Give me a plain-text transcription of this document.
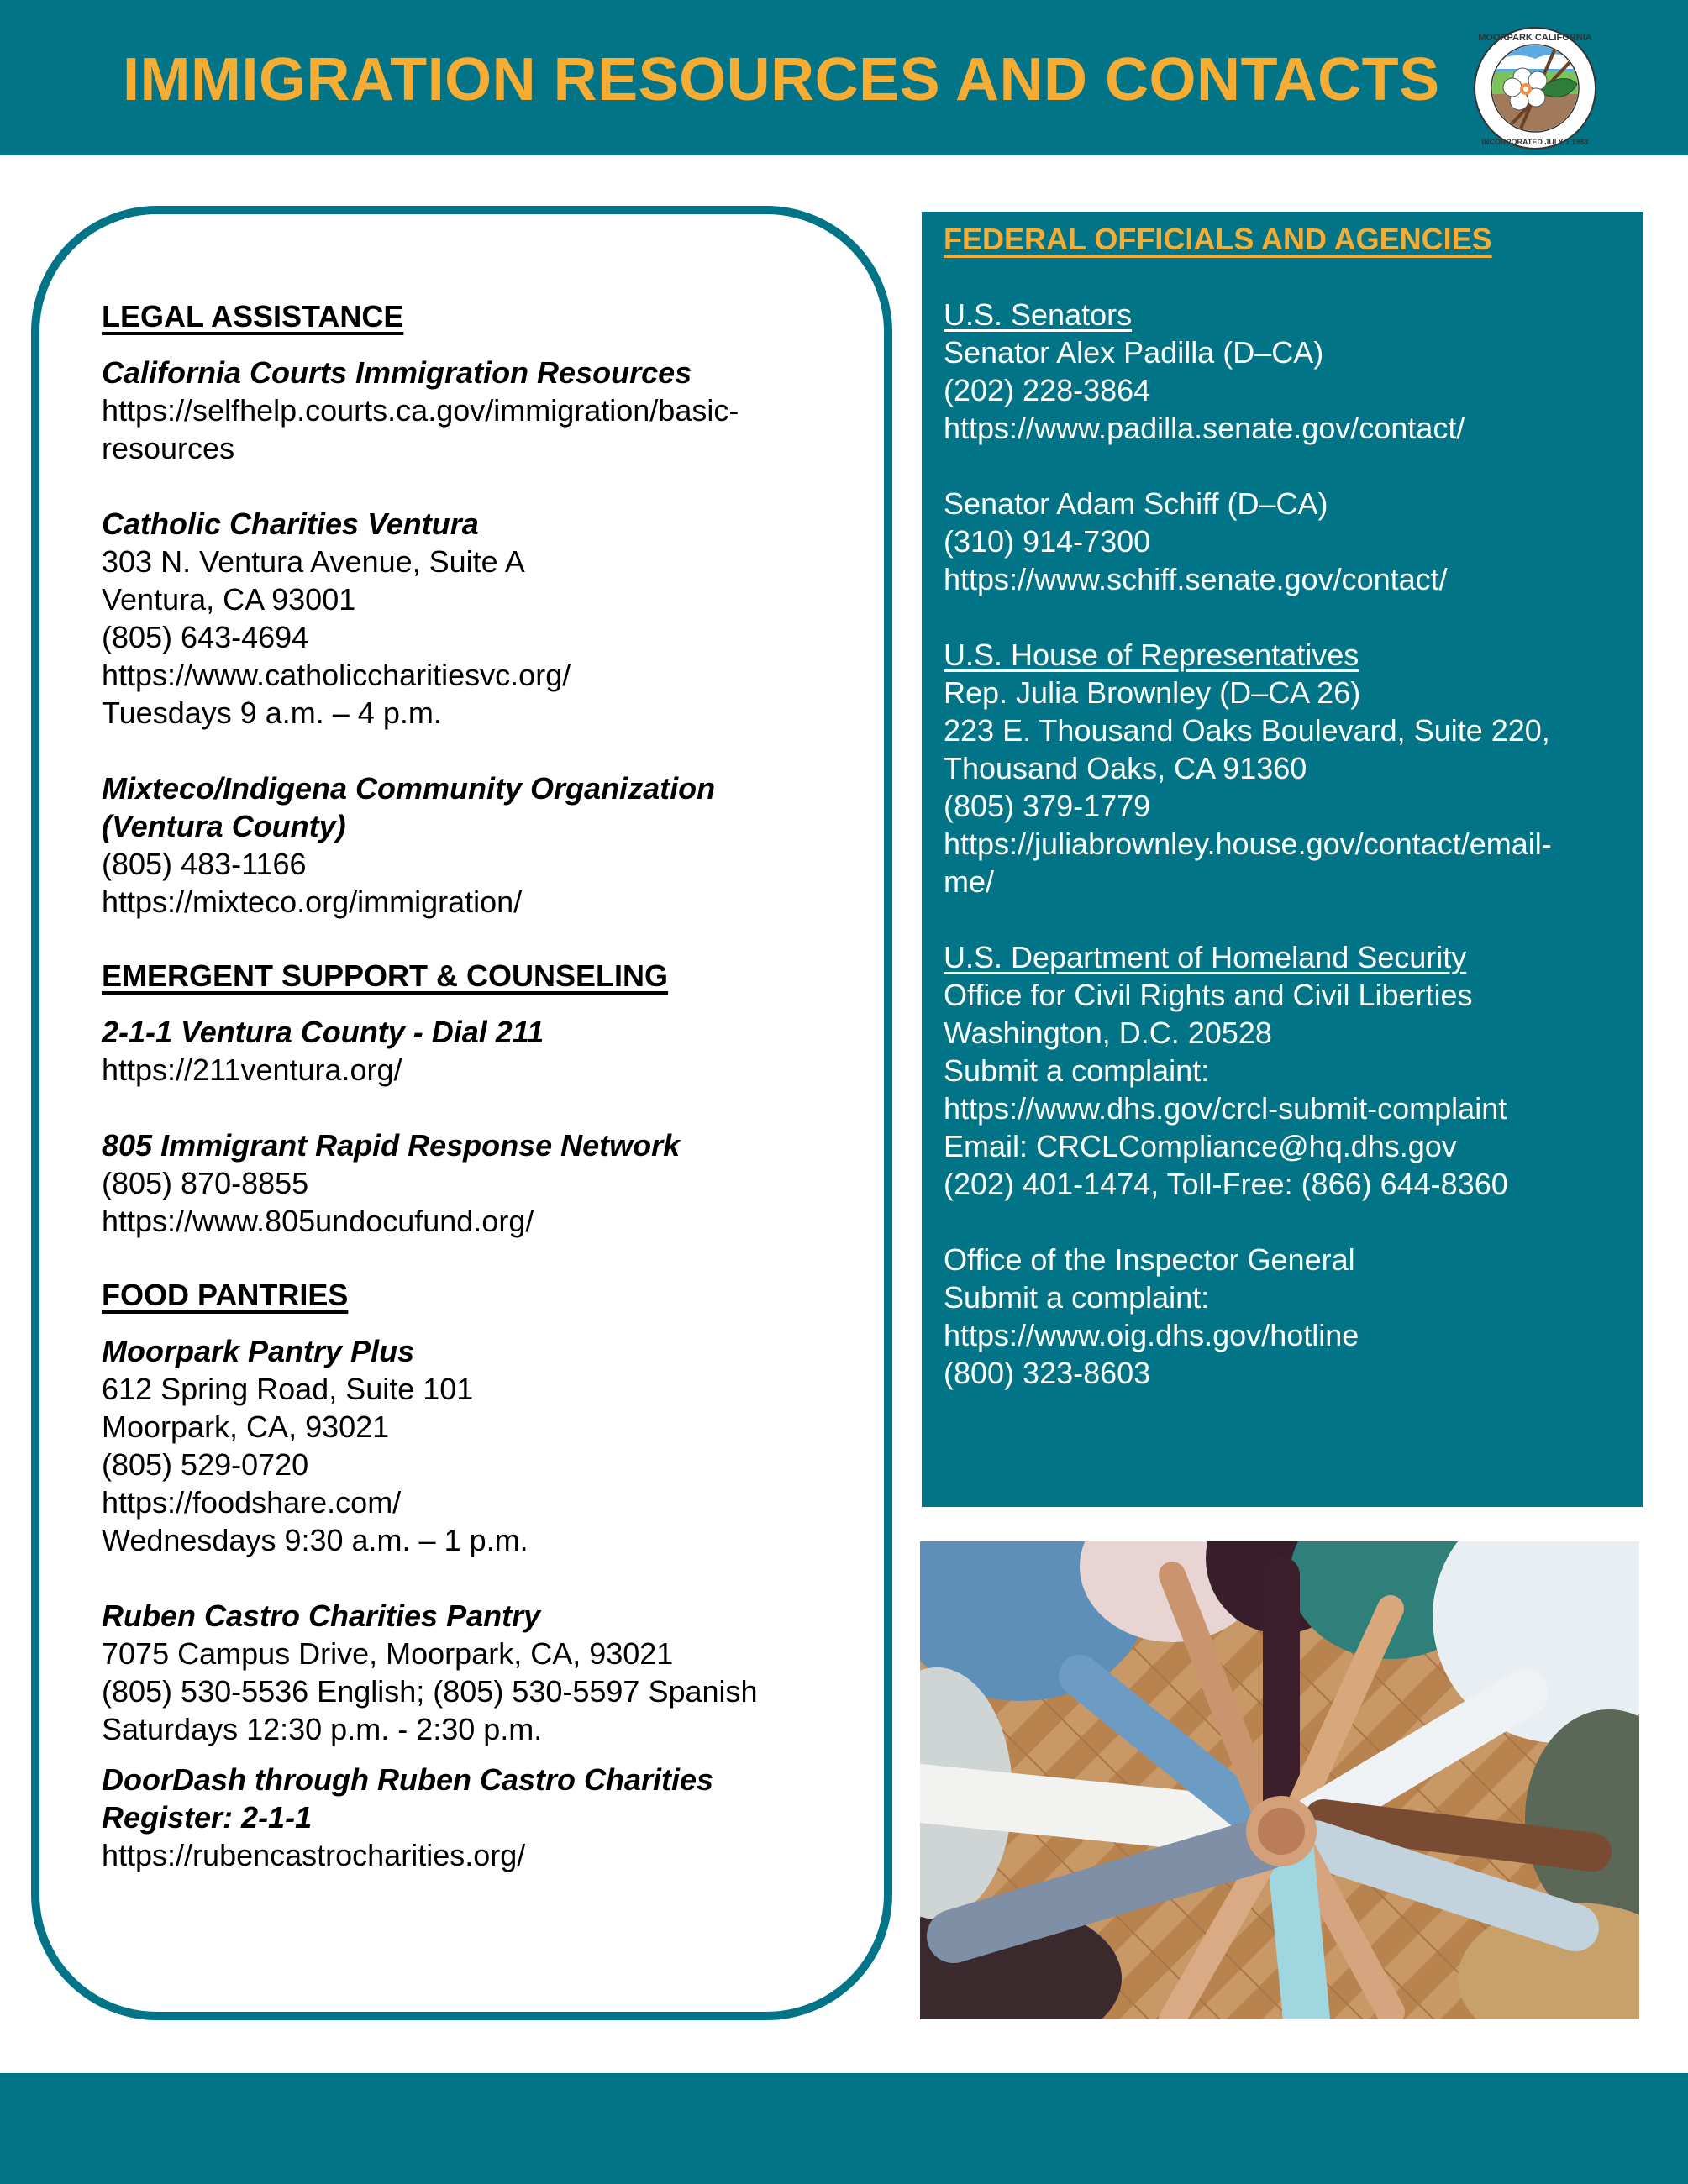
IMMIGRATION RESOURCES AND CONTACTS
MOORPARK CALIFORNIA
INCORPORATED JULY 1 1983
LEGAL ASSISTANCE
California Courts Immigration Resources
https://selfhelp.courts.ca.gov/immigration/basic-
resources
Catholic Charities Ventura
303 N. Ventura Avenue, Suite A
Ventura, CA 93001
(805) 643-4694
https://www.catholiccharitiesvc.org/
Tuesdays 9 a.m. – 4 p.m.
Mixteco/Indigena Community Organization
(Ventura County)
(805) 483-1166
https://mixteco.org/immigration/
EMERGENT SUPPORT & COUNSELING
2-1-1 Ventura County - Dial 211
https://211ventura.org/
805 Immigrant Rapid Response Network
(805) 870-8855
https://www.805undocufund.org/
FOOD PANTRIES
Moorpark Pantry Plus
612 Spring Road, Suite 101
Moorpark, CA, 93021
(805) 529-0720
https://foodshare.com/
Wednesdays 9:30 a.m. – 1 p.m.
Ruben Castro Charities Pantry
7075 Campus Drive, Moorpark, CA, 93021
(805) 530-5536 English; (805) 530-5597 Spanish
Saturdays 12:30 p.m. - 2:30 p.m.
DoorDash through Ruben Castro Charities
Register: 2-1-1
https://rubencastrocharities.org/
FEDERAL OFFICIALS AND AGENCIES
U.S. Senators
Senator Alex Padilla (D–CA)
(202) 228-3864
https://www.padilla.senate.gov/contact/
Senator Adam Schiff (D–CA)
(310) 914-7300
https://www.schiff.senate.gov/contact/
U.S. House of Representatives
Rep. Julia Brownley (D–CA 26)
223 E. Thousand Oaks Boulevard, Suite 220,
Thousand Oaks, CA 91360
(805) 379-1779
https://juliabrownley.house.gov/contact/email-
me/
U.S. Department of Homeland Security
Office for Civil Rights and Civil Liberties
Washington, D.C. 20528
Submit a complaint:
https://www.dhs.gov/crcl-submit-complaint
Email: CRCLCompliance@hq.dhs.gov
(202) 401-1474, Toll-Free: (866) 644-8360
Office of the Inspector General
Submit a complaint:
https://www.oig.dhs.gov/hotline
(800) 323-8603
